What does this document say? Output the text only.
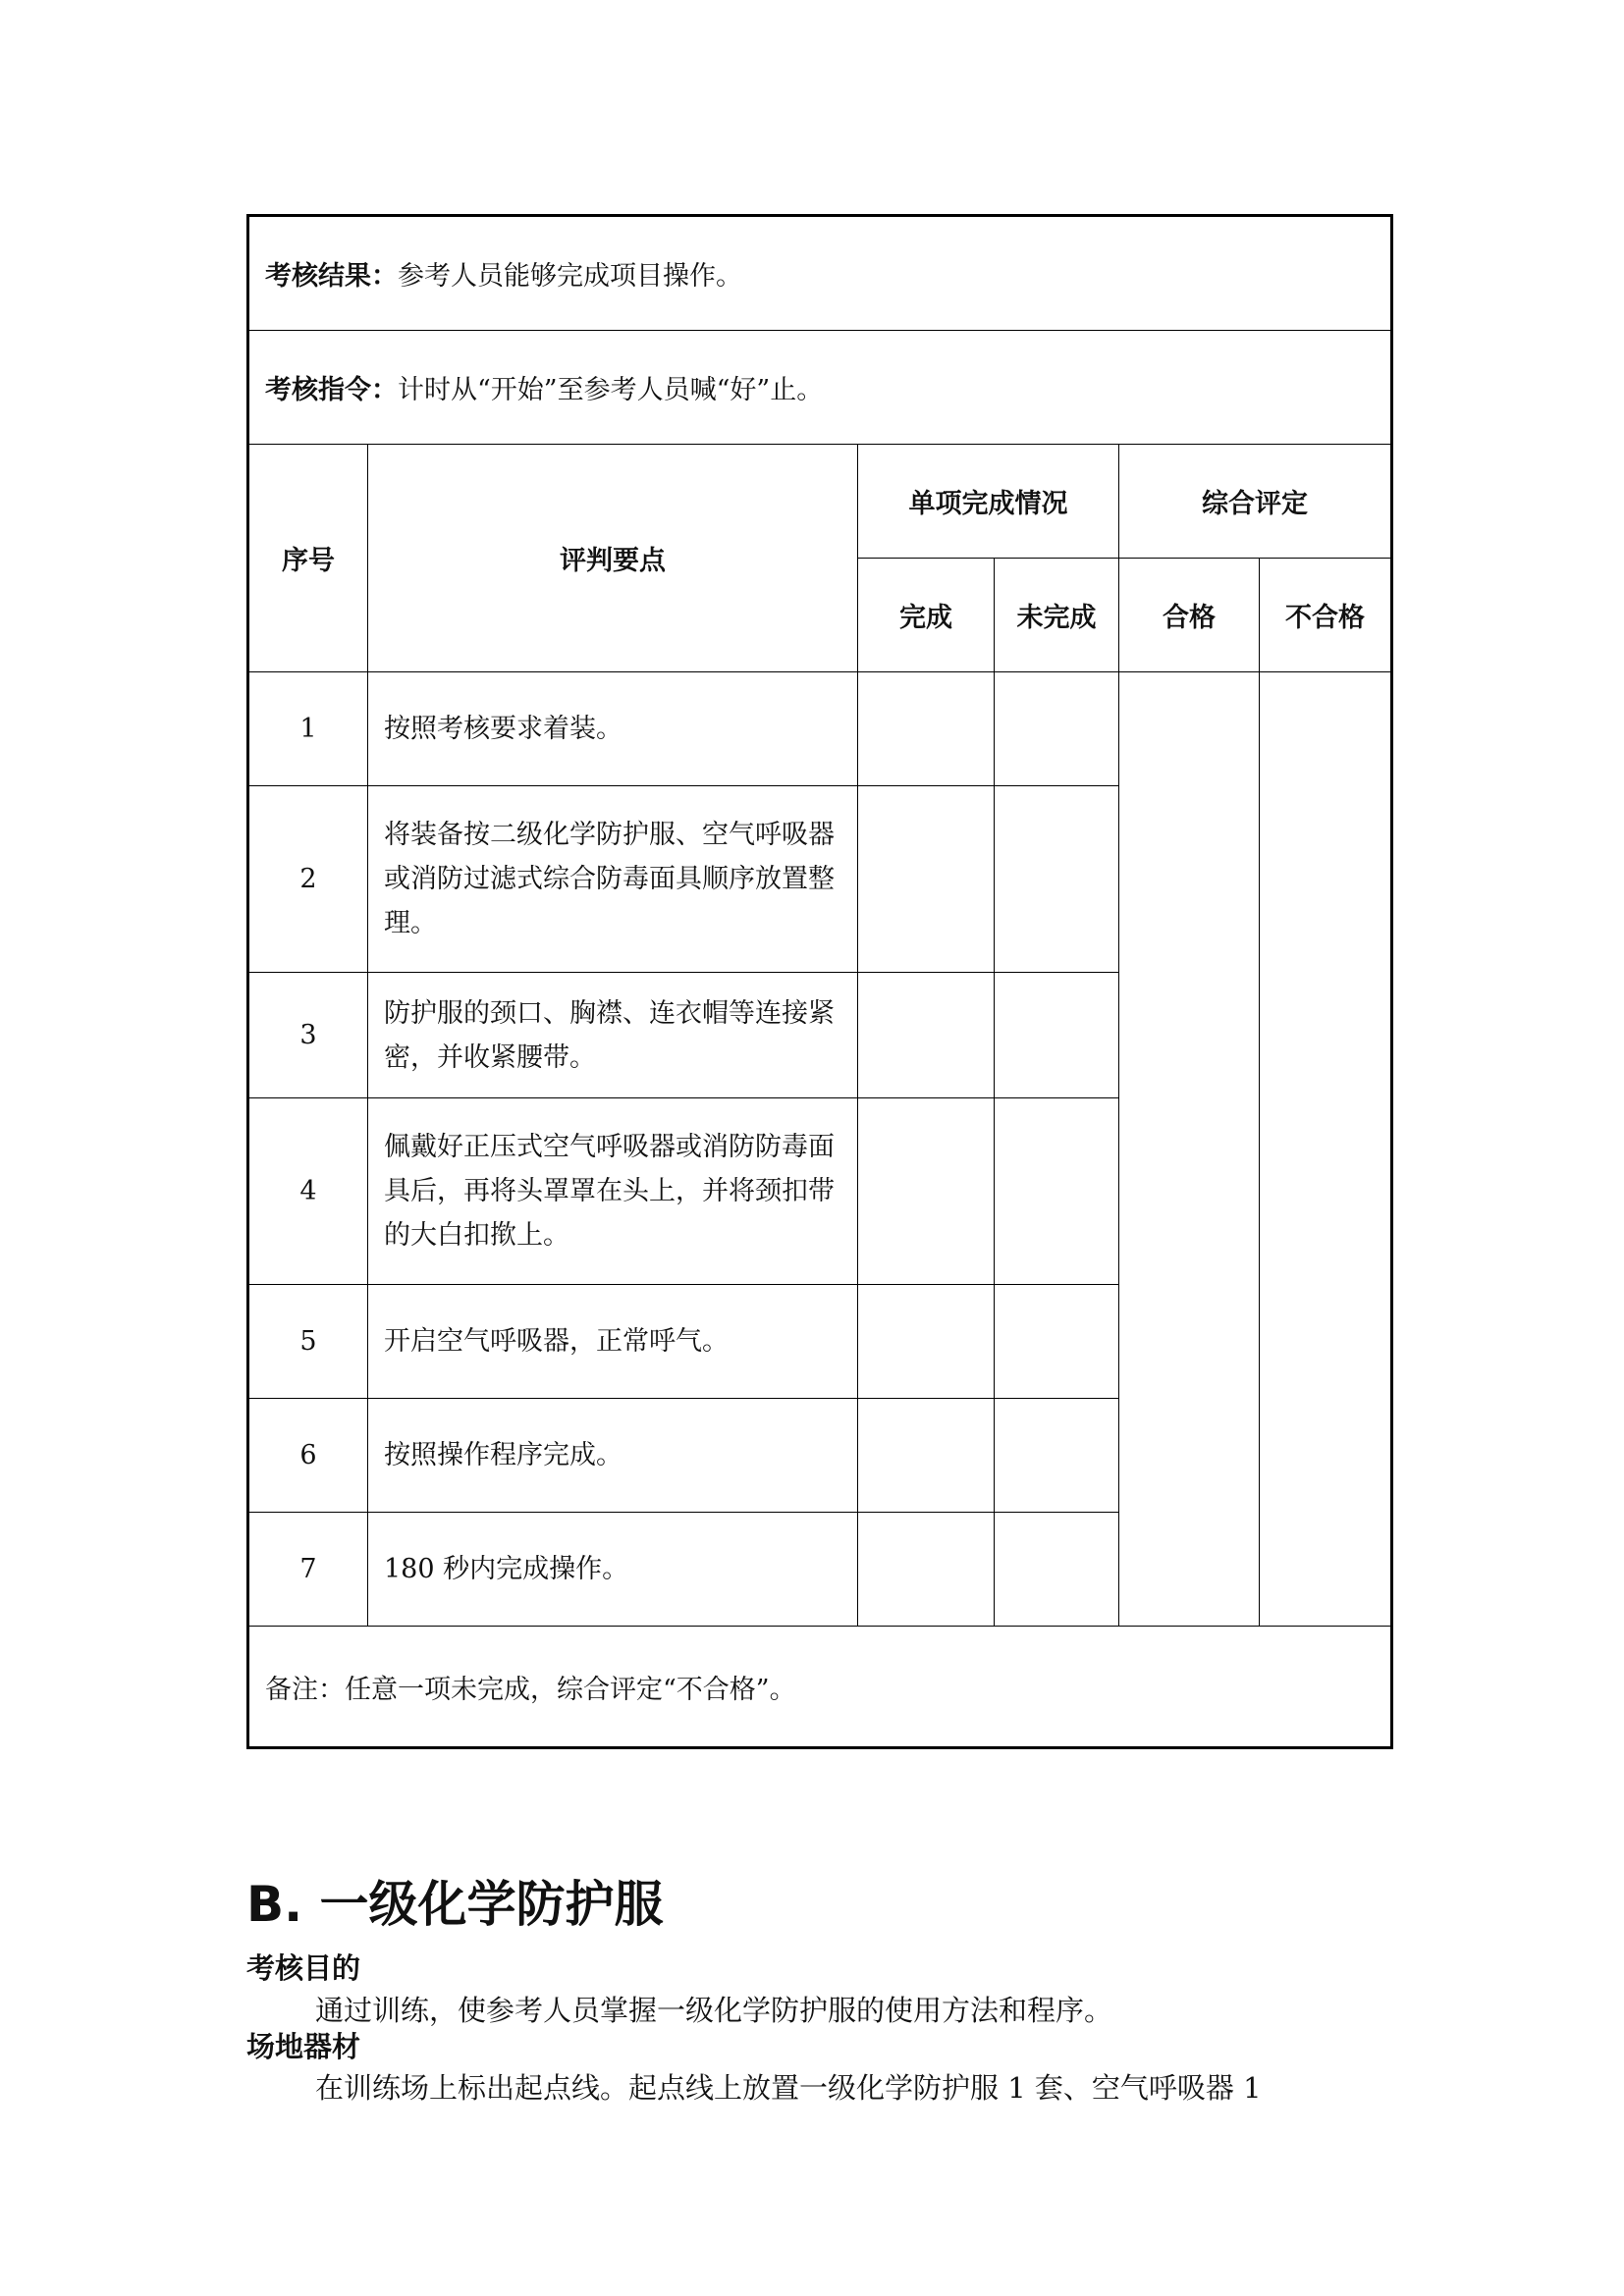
考核结果：参考人员能够完成项目操作。					
考核指令：计时从“开始”至参考人员喊“好”止。					
序号	评判要点	单项完成情况		综合评定	
		完成	未完成	合格	不合格
1	按照考核要求着装。				
2	将装备按二级化学防护服、空气呼吸器或消防过滤式综合防毒面具顺序放置整理。				
3	防护服的颈口、胸襟、连衣帽等连接紧密，并收紧腰带。				
4	佩戴好正压式空气呼吸器或消防防毒面具后，再将头罩罩在头上，并将颈扣带的大白扣揿上。				
5	开启空气呼吸器，正常呼气。				
6	按照操作程序完成。				
7	180 秒内完成操作。				
备注：任意一项未完成，综合评定“不合格”。					
B. 一级化学防护服
考核目的
通过训练，使参考人员掌握一级化学防护服的使用方法和程序。
场地器材
在训练场上标出起点线。起点线上放置一级化学防护服 1 套、空气呼吸器 1
